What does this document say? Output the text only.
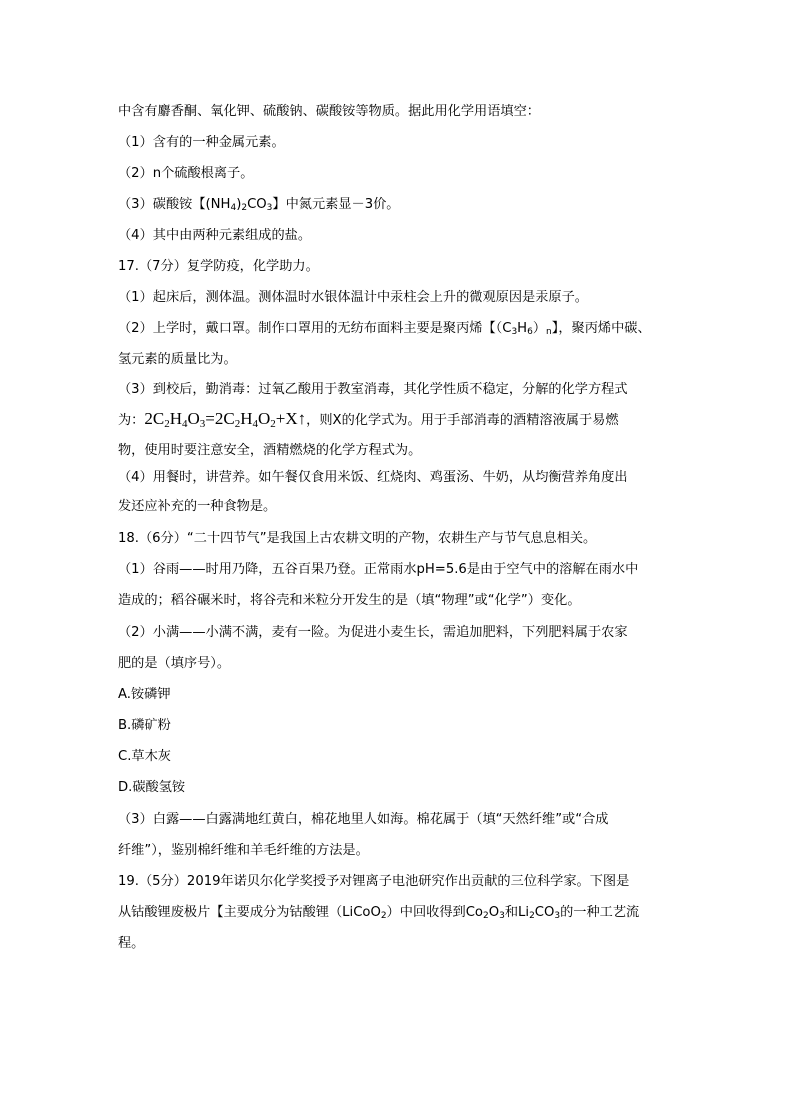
中含有麝香酮、氧化钾、硫酸钠、碳酸铵等物质。据此用化学用语填空：
（1）含有的一种金属元素。
（2）n个硫酸根离子。
（3）碳酸铵【$(NH_4)_2CO_3$】中氮元素显－3价。
（4）其中由两种元素组成的盐。
17.（7分）复学防疫，化学助力。
（1）起床后，测体温。测体温时水银体温计中汞柱会上升的微观原因是汞原子。
（2）上学时，戴口罩。制作口罩用的无纺布面料主要是聚丙烯【$(C_3H_6)_n$】，聚丙烯中碳、
氢元素的质量比为。
（3）到校后，勤消毒：过氧乙酸用于教室消毒，其化学性质不稳定，分解的化学方程式
为：$2C_2H_4O_3=2C_2H_4O_2+X↑$，则X的化学式为。用于手部消毒的酒精溶液属于易燃
物，使用时要注意安全，酒精燃烧的化学方程式为。
（4）用餐时，讲营养。如午餐仅食用米饭、红烧肉、鸡蛋汤、牛奶，从均衡营养角度出
发还应补充的一种食物是。
18.（6分）“二十四节气”是我国上古农耕文明的产物，农耕生产与节气息息相关。
（1）谷雨——时用乃降，五谷百果乃登。正常雨水pH=5.6是由于空气中的溶解在雨水中
造成的；稻谷碾米时，将谷壳和米粒分开发生的是（填“物理”或“化学”）变化。
（2）小满——小满不满，麦有一险。为促进小麦生长，需追加肥料，下列肥料属于农家
肥的是（填序号）。
A.铵磷钾
B.磷矿粉
C.草木灰
D.碳酸氢铵
（3）白露——白露满地红黄白，棉花地里人如海。棉花属于（填“天然纤维”或“合成
纤维”），鉴别棉纤维和羊毛纤维的方法是。
19.（5分）2019年诺贝尔化学奖授予对锂离子电池研究作出贡献的三位科学家。下图是
从钴酸锂废极片【主要成分为钴酸锂（LiCoO$_2$）中回收得到$Co_2O_3$和$Li_2CO_3$的一种工艺流
程。
